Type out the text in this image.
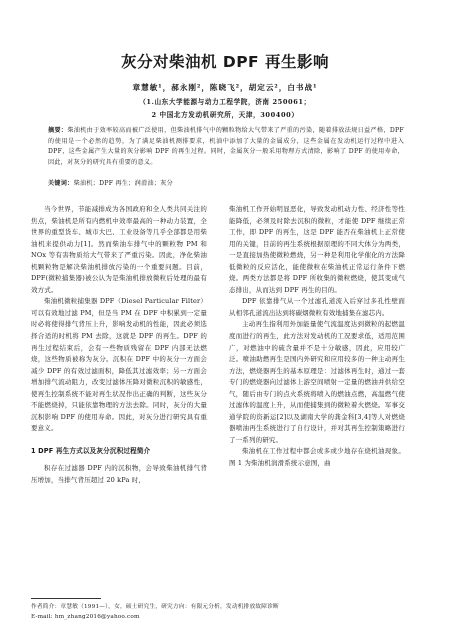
灰分对柴油机 DPF 再生影响
章慧敏¹，郝永刚²，陈晓飞²，胡定云²，白书战¹
（1.山东大学能源与动力工程学院，济南 250061；
2 中国北方发动机研究所，天津，300400）
摘要：柴油机由于效率较高而被广泛使用，但柴油机排气中的颗粒物给大气带来了严重的污染，随着排放法规日益严格，DPF的使用是一个必然的趋势，为了满足柴油机测排要求，机油中添加了大量的金属成分，这些金属在发动机运行过程中进入DPF，这些金属产生大量的灰分影响 DPF 的再生过程。同时，金属灰分一般采用物理方式清除，影响了 DPF 的使用寿命，因此，对灰分的研究具有重要的意义。
关键词：柴油机；DPF 再生；润滑油；灰分

当今世界，节能减排成为各国政府和全人类共同关注的焦点，柴油机是所有内燃机中效率最高的一种动力装置，全世界的重型货车、城市大巴、工业设备等几乎全部都是用柴油机来提供动力[1]。然而柴油车排气中的颗粒物 PM 和 NOx 等有害物质给大气带来了严重污染。因此，净化柴油机颗粒物是解决柴油机排放污染的一个重要问题。目前，DPF(微粒捕集器)被公认为是柴油机排放微粒后处理的最有效方式。

柴油机微粒捕集器 DPF（Diesel Particular Filter）可以有效地过滤 PM，但是当 PM 在 DPF 中积累到一定量时必将使得排气背压上升，影响发动机的性能，因此必须选择合适的时机将 PM 去除，这就是 DPF 的再生。DPF 的再生过程结束后，会有一些物质残留在 DPF 内部无法燃烧，这些物质被称为灰分。沉积在 DPF 中的灰分一方面会减少 DPF 的有效过滤面积，降低其过滤效率；另一方面会增加排气流动阻力，改变过滤体压降对微粒沉积的敏感性，使再生控制系统不能对再生状况作出正确的判断，这些灰分不能燃烧掉，只能依靠物理的方法去除。同时，灰分的大量沉积影响 DPF 的使用寿命。因此，对灰分进行研究具有重要意义。

1 DPF 再生方式以及灰分沉积过程简介

积存在过滤器 DPF 内的沉积物，会导致柴油机排气背压增加，当排气背压超过 20 kPa 时，

柴油机工作开始明显恶化，导致发动机动力性、经济性等性能降低，必须及时除去沉积的微粒，才能使 DPF 继续正常工作，即 DPF 的再生，这是 DPF 能否在柴油机上正常使用的关键，目前的再生系统根据原理的不同大体分为两类，一是直接加热使微粒燃烧，另一种是利用化学催化的方法降低微粒的反应活化，能使微粒在柴油机正常运行条件下燃烧。两类方法都是将 DPF 所收集的微粒燃烧，使其变成气态排出，从而达到 DPF 再生的目的。

DPF 依靠排气从一个过滤孔道流入后穿过多孔性壁面从相邻孔道流出达到将碳烟微粒有效地捕集在滤芯内。

主动再生指利用外加能量使气流温度达到微粒的起燃温度而进行的再生，此方法对发动机的工况要求低，适用范围广，对燃油中的硫含量并不是十分敏感，因此，应用较广泛。喷油助燃再生是国内外研究和应用较多的一种主动再生方法，燃烧器再生的基本原理是：过滤体再生时，通过一套专门的燃烧器向过滤体上游空间喷射一定量的燃油并供给空气，随后由专门的点火系统将喷入的燃油点燃，高温燃气使过滤体的温度上升，从而使捕集到的微粒着火燃烧。军事交通学院的资新运[2]以及湖南大学的龚金科[3,4]等人对燃烧器喷油再生系统进行了自行设计，并对其再生控制策略进行了一系列的研究。

柴油机在工作过程中都会或多或少地存在烧机油现象。图 1 为柴油机润滑系统示意图，曲

作者简介：章慧敏（1991—），女，硕士研究生，研究方向：有限元分析，发动机排放故障诊断
E-mail: hm_zhang2016@yahoo.com
